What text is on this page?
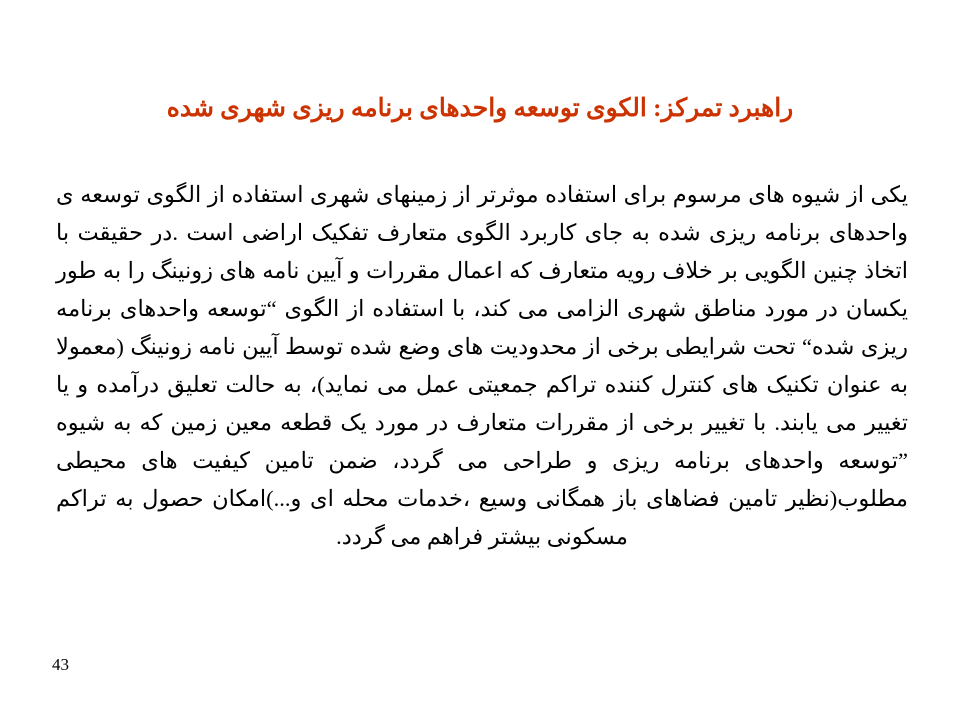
راهبرد تمركز: الكوی توسعه واحدهای برنامه ریزی شهری شده
یكی از شیوه های مرسوم برای استفاده موثرتر از زمینهای شهری استفاده از الگوی توسعه ی واحدهای برنامه ریزی شده به جای كاربرد الگوی متعارف تفكیک اراضی است .در حقیقت با اتخاذ چنین الگویی بر خلاف رویه متعارف كه اعمال مقررات و آیین نامه های زونینگ را به طور یكسان در مورد مناطق شهری الزامی می كند، با استفاده از الگوی “توسعه واحدهای برنامه ریزی شده“ تحت شرایطی برخی از محدودیت های وضع شده توسط آیین نامه زونینگ (معمولا به عنوان تكنیک های كنترل كننده تراكم جمعیتی عمل می نماید)، به حالت تعلیق درآمده و یا تغییر می یابند. با تغییر برخی از مقررات متعارف در مورد یک قطعه معین زمین كه به شیوه ”توسعه واحدهای برنامه ریزی و طراحی می گردد، ضمن تامین كیفیت های محیطی مطلوب(نظیر تامین فضاهای باز همگانی وسیع ،خدمات محله ای و...)امكان حصول به تراكم مسكونی بیشتر فراهم می گردد.
43
